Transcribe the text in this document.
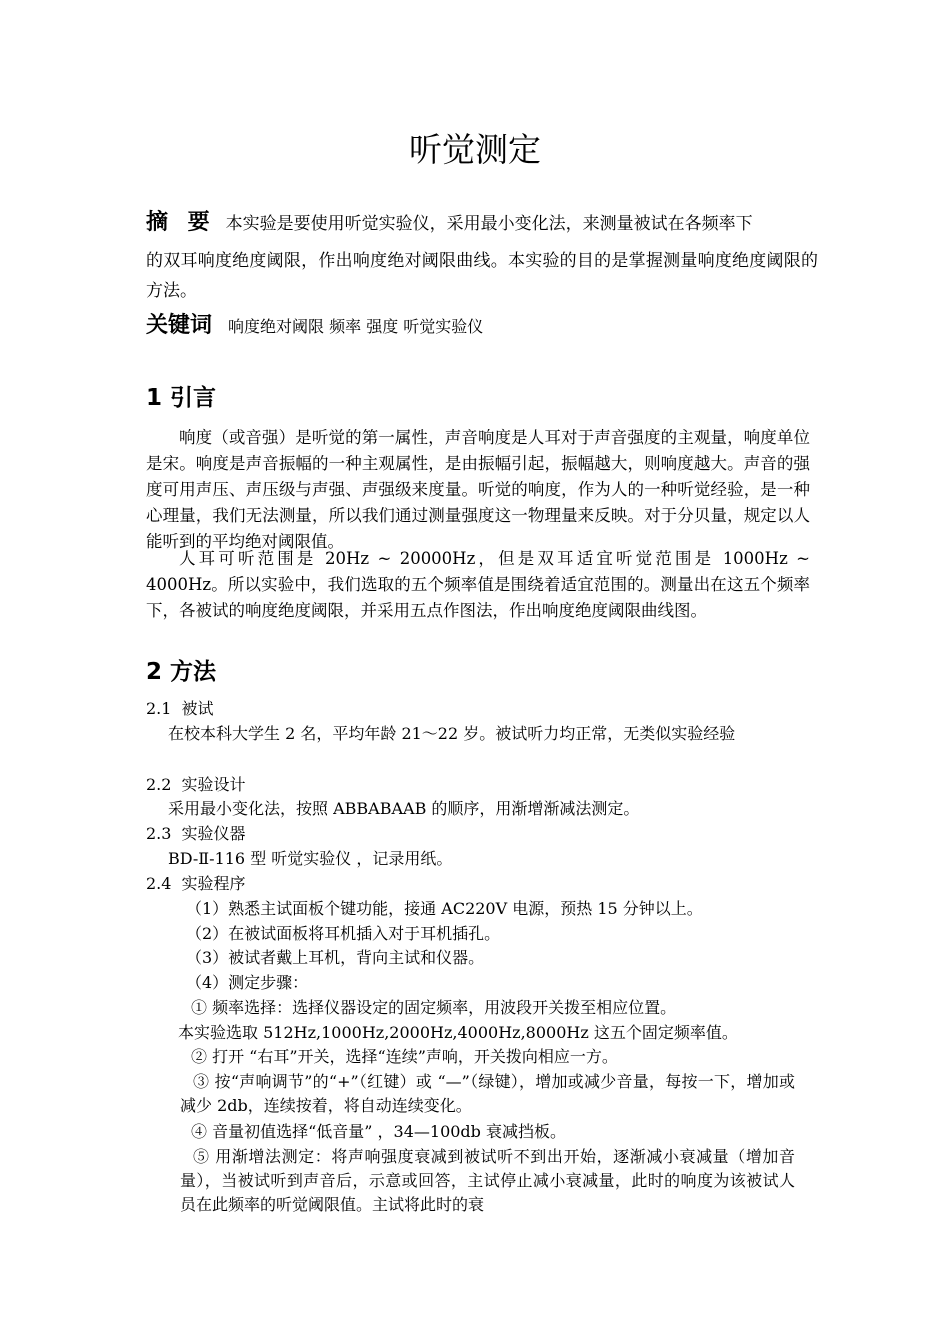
听觉测定
摘 要 本实验是要使用听觉实验仪，采用最小变化法，来测量被试在各频率下
的双耳响度绝度阈限，作出响度绝对阈限曲线。本实验的目的是掌握测量响度绝度阈限的方法。
关键词 响度绝对阈限 频率 强度 听觉实验仪
1 引言
响度（或音强）是听觉的第一属性，声音响度是人耳对于声音强度的主观量，响度单位是宋。响度是声音振幅的一种主观属性，是由振幅引起，振幅越大，则响度越大。声音的强度可用声压、声压级与声强、声强级来度量。听觉的响度，作为人的一种听觉经验，是一种心理量，我们无法测量，所以我们通过测量强度这一物理量来反映。对于分贝量，规定以人能听到的平均绝对阈限值。
人耳可听范围是 20Hz ~ 20000Hz，但是双耳适宜听觉范围是 1000Hz ~ 4000Hz。所以实验中，我们选取的五个频率值是围绕着适宜范围的。测量出在这五个频率下，各被试的响度绝度阈限，并采用五点作图法，作出响度绝度阈限曲线图。
2 方法
2.1 被试
在校本科大学生 2 名，平均年龄 21～22 岁。被试听力均正常，无类似实验经验
2.2 实验设计
采用最小变化法，按照 ABBABAAB 的顺序，用渐增渐减法测定。
2.3 实验仪器
BD-Ⅱ-116 型 听觉实验仪 ，记录用纸。
2.4 实验程序
（1）熟悉主试面板个键功能，接通 AC220V 电源，预热 15 分钟以上。
（2）在被试面板将耳机插入对于耳机插孔。
（3）被试者戴上耳机，背向主试和仪器。
（4）测定步骤：
① 频率选择：选择仪器设定的固定频率，用波段开关拨至相应位置。
本实验选取 512Hz,1000Hz,2000Hz,4000Hz,8000Hz 这五个固定频率值。
② 打开 “右耳”开关，选择“连续”声响，开关拨向相应一方。
③ 按“声响调节”的“+”（红键）或 “—”（绿键），增加或减少音量，每按一下，增加或减少 2db，连续按着，将自动连续变化。
④ 音量初值选择“低音量” ，34—100db 衰减挡板。
⑤ 用渐增法测定：将声响强度衰减到被试听不到出开始，逐渐减小衰减量（增加音量），当被试听到声音后，示意或回答，主试停止减小衰减量，此时的响度为该被试人员在此频率的听觉阈限值。主试将此时的衰
